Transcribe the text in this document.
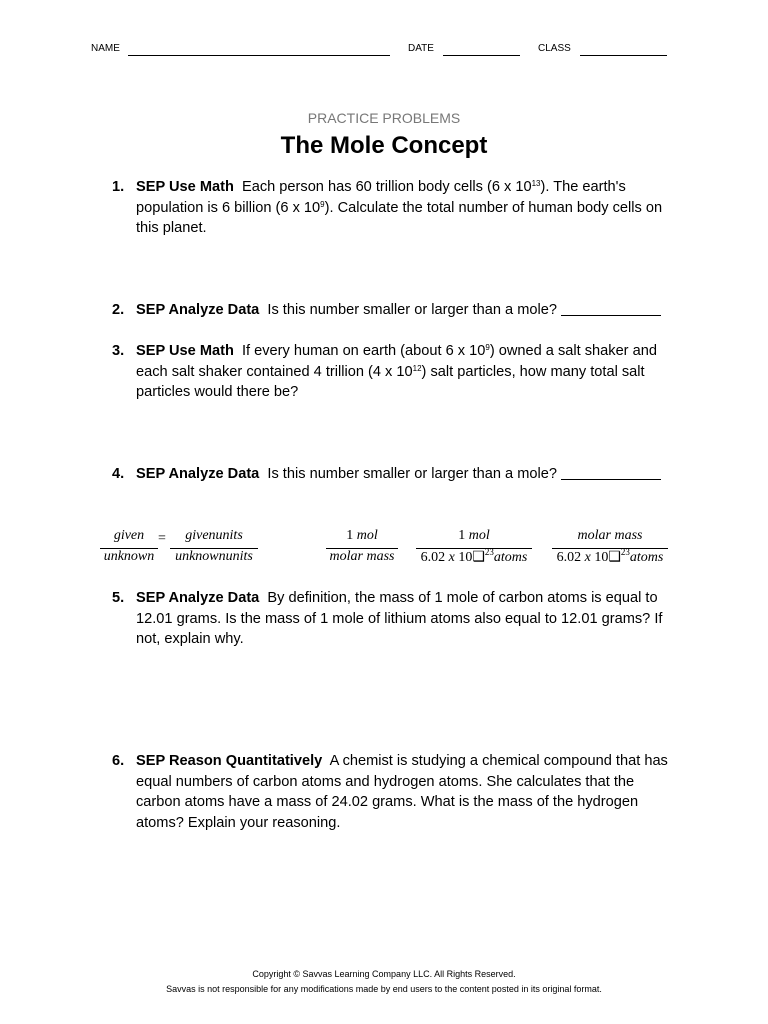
NAME	DATE	CLASS
PRACTICE PROBLEMS
The Mole Concept
1. SEP Use Math Each person has 60 trillion body cells (6 x $10^{13}$). The earth's population is 6 billion (6 x $10^9$). Calculate the total number of human body cells on this planet.
2. SEP Analyze Data Is this number smaller or larger than a mole?
3. SEP Use Math If every human on earth (about 6 x $10^9$) owned a salt shaker and each salt shaker contained 4 trillion (4 x $10^{12}$) salt particles, how many total salt particles would there be?
4. SEP Analyze Data Is this number smaller or larger than a mole?
given
unknown
=	givenunits
unknownunits
1 mol
molar mass
1 mol
6.02 x 10❑$^{23}$atoms
molar mass
6.02 x 10❑$^{23}$atoms
5. SEP Analyze Data By definition, the mass of 1 mole of carbon atoms is equal to 12.01 grams. Is the mass of 1 mole of lithium atoms also equal to 12.01 grams? If not, explain why.
6. SEP Reason Quantitatively A chemist is studying a chemical compound that has equal numbers of carbon atoms and hydrogen atoms. She calculates that the carbon atoms have a mass of 24.02 grams. What is the mass of the hydrogen atoms? Explain your reasoning.
Copyright © Savvas Learning Company LLC. All Rights Reserved.
Savvas is not responsible for any modifications made by end users to the content posted in its original format.
